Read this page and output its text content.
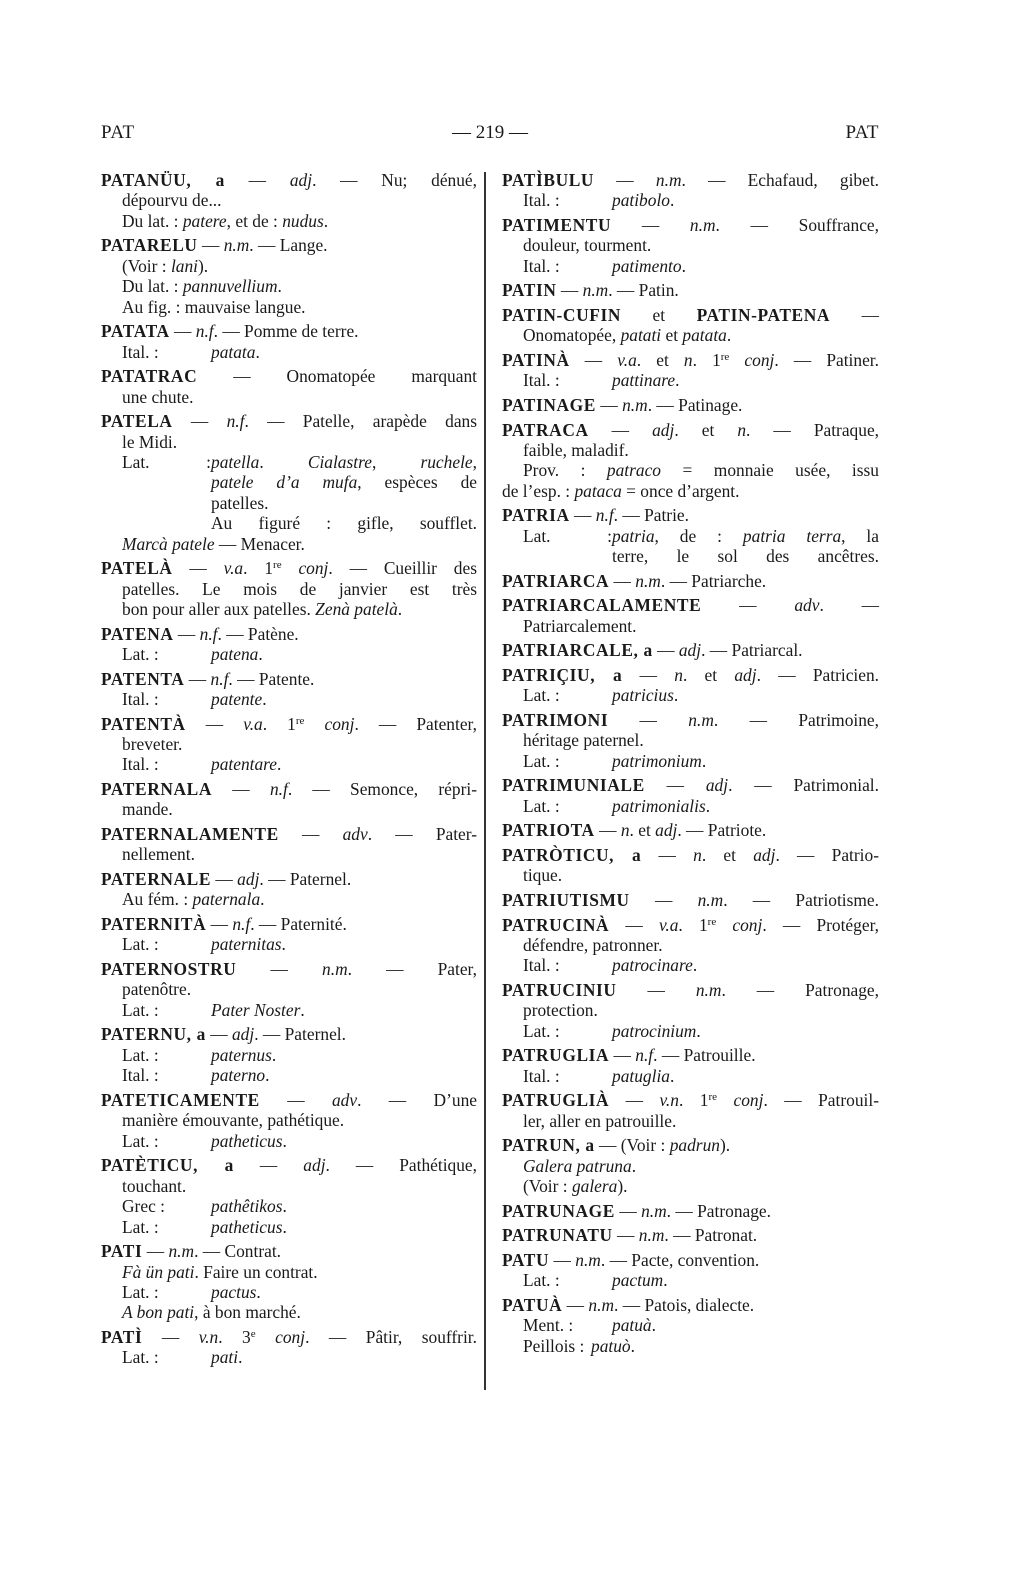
PAT	— 219 —	PAT
PATANÜU, a — adj. — Nu; dénué,
dépourvu de...
Du lat. : patere, et de : nudus.
PATARELU — n.m. — Lange.
(Voir : lani).
Du lat. : pannuvellium.
Au fig. : mauvaise langue.
PATATA — n.f. — Pomme de terre.
Ital. :	patata.
PATATRAC — Onomatopée marquant
une chute.
PATELA — n.f. — Patelle, arapède dans
le Midi.
Lat. :patella. Cialastre, ruchele,
patele d’a mufa, espèces de
patelles.
Au figuré : gifle, soufflet.
Marcà patele — Menacer.
PATELÀ — v.a. 1re conj. — Cueillir des
patelles. Le mois de janvier est très
bon pour aller aux patelles. Zenà patelà.
PATENA — n.f. — Patène.
Lat. :	patena.
PATENTA — n.f. — Patente.
Ital. :	patente.
PATENTÀ — v.a. 1re conj. — Patenter,
breveter.
Ital. :	patentare.
PATERNALA — n.f. — Semonce, répri-
mande.
PATERNALAMENTE — adv. — Pater-
nellement.
PATERNALE — adj. — Paternel.
Au fém. : paternala.
PATERNITÀ — n.f. — Paternité.
Lat. :	paternitas.
PATERNOSTRU — n.m. — Pater,
patenôtre.
Lat. :	Pater Noster.
PATERNU, a — adj. — Paternel.
Lat. :	paternus.
Ital. :	paterno.
PATETICAMENTE — adv. — D’une
manière émouvante, pathétique.
Lat. :	patheticus.
PATÈTICU, a — adj. — Pathétique,
touchant.
Grec :	pathêtikos.
Lat. :	patheticus.
PATI — n.m. — Contrat.
Fà ün pati. Faire un contrat.
Lat. :	pactus.
A bon pati, à bon marché.
PATÌ — v.n. 3e conj. — Pâtir, souffrir.
Lat. :	pati.
PATÌBULU — n.m. — Echafaud, gibet.
Ital. :	patibolo.
PATIMENTU — n.m. — Souffrance,
douleur, tourment.
Ital. :	patimento.
PATIN — n.m. — Patin.
PATIN-CUFIN et PATIN-PATENA —
Onomatopée, patati et patata.
PATINÀ — v.a. et n. 1re conj. — Patiner.
Ital. :	pattinare.
PATINAGE — n.m. — Patinage.
PATRACA — adj. et n. — Patraque,
faible, maladif.
Prov. : patraco = monnaie usée, issu
de l’esp. : pataca = once d’argent.
PATRIA — n.f. — Patrie.
Lat. :patria, de : patria terra, la
terre, le sol des ancêtres.
PATRIARCA — n.m. — Patriarche.
PATRIARCALAMENTE — adv. —
Patriarcalement.
PATRIARCALE, a — adj. — Patriarcal.
PATRIÇIU, a — n. et adj. — Patricien.
Lat. :	patricius.
PATRIMONI — n.m. — Patrimoine,
héritage paternel.
Lat. :	patrimonium.
PATRIMUNIALE — adj. — Patrimonial.
Lat. :	patrimonialis.
PATRIOTA — n. et adj. — Patriote.
PATRÒTICU, a — n. et adj. — Patrio-
tique.
PATRIUTISMU — n.m. — Patriotisme.
PATRUCINÀ — v.a. 1re conj. — Protéger,
défendre, patronner.
Ital. :	patrocinare.
PATRUCINIU — n.m. — Patronage,
protection.
Lat. :	patrocinium.
PATRUGLIA — n.f. — Patrouille.
Ital. :	patuglia.
PATRUGLIÀ — v.n. 1re conj. — Patrouil-
ler, aller en patrouille.
PATRUN, a — (Voir : padrun).
Galera patruna.
(Voir : galera).
PATRUNAGE — n.m. — Patronage.
PATRUNATU — n.m. — Patronat.
PATU — n.m. — Pacte, convention.
Lat. :	pactum.
PATUÀ — n.m. — Patois, dialecte.
Ment. : patuà.
Peillois : patuò.
